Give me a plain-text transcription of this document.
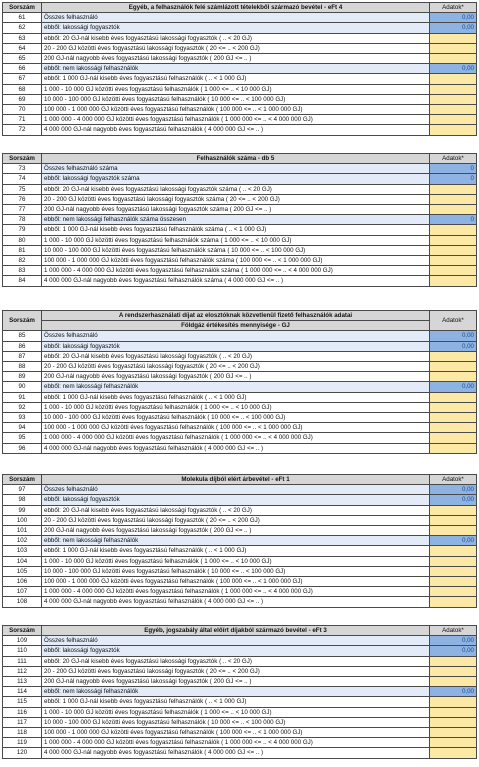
Sorszám	Egyéb, a felhasználók felé számlázott tételekből származó bevétel - eFt 4	Adatok*
61	Összes felhasználó	0,00
62	ebből: lakossági fogyasztók	0,00
63	ebből: 20 GJ-nál kisebb éves fogyasztású lakossági fogyasztók ( .. < 20 GJ)	
64	20 - 200 GJ közötti éves fogyasztású lakossági fogyasztók ( 20 <= .. < 200 GJ)	
65	200 GJ-nál nagyobb éves fogyasztású lakossági fogyasztók ( 200 GJ <= .. )	
66	ebből: nem lakossági felhasználók	0,00
67	ebből: 1 000 GJ-nál kisebb éves fogyasztású felhasználók ( .. < 1 000 GJ)	
68	1 000 - 10 000 GJ közötti éves fogyasztású felhasználók ( 1 000 <= .. < 10 000 GJ)	
69	10 000 - 100 000 GJ közötti éves fogyasztású felhasználók ( 10 000 <= .. < 100 000 GJ)	
70	100 000 - 1 000 000 GJ közötti éves fogyasztású felhasználók ( 100 000 <= .. < 1 000 000 GJ)	
71	1 000 000 - 4 000 000 GJ közötti éves fogyasztású felhasználók ( 1 000 000 <= .. < 4 000 000 GJ)	
72	4 000 000 GJ-nál nagyobb éves fogyasztású felhasználók ( 4 000 000 GJ <= .. )	
Sorszám	Felhasználók száma - db 5	Adatok*
73	Összes felhasználó száma	0
74	ebből: lakossági fogyasztók száma	0
75	ebből: 20 GJ-nál kisebb éves fogyasztású lakossági fogyasztók száma ( .. < 20 GJ)	
76	20 - 200 GJ közötti éves fogyasztású lakossági fogyasztók száma ( 20 <= .. < 200 GJ)	
77	200 GJ-nál nagyobb éves fogyasztású lakossági fogyasztók száma ( 200 GJ <= .. )	
78	ebből: nem lakossági felhasználók száma összesen	0
79	ebből: 1 000 GJ-nál kisebb éves fogyasztású felhasználók száma ( .. < 1 000 GJ)	
80	1 000 - 10 000 GJ közötti éves fogyasztású felhasználók száma ( 1 000 <= .. < 10 000 GJ)	
81	10 000 - 100 000 GJ közötti éves fogyasztású felhasználók száma ( 10 000 <= .. < 100 000 GJ)	
82	100 000 - 1 000 000 GJ közötti éves fogyasztású felhasználók száma ( 100 000 <= .. < 1 000 000 GJ)	
83	1 000 000 - 4 000 000 GJ közötti éves fogyasztású felhasználók száma ( 1 000 000 <= .. < 4 000 000 GJ)	
84	4 000 000 GJ-nál nagyobb éves fogyasztású felhasználók száma ( 4 000 000 GJ <= .. )	
Sorszám	A rendszerhasználati díjat az elosztóknak közvetlenül fizető felhasználók adatai	Adatok*
	Földgáz értékesítés mennyisége - GJ	
85	Összes felhasználó	0,00
86	ebből: lakossági fogyasztók	0,00
87	ebből: 20 GJ-nál kisebb éves fogyasztású lakossági fogyasztók ( .. < 20 GJ)	
88	20 - 200 GJ közötti éves fogyasztású lakossági fogyasztók ( 20 <= .. < 200 GJ)	
89	200 GJ-nál nagyobb éves fogyasztású lakossági fogyasztók ( 200 GJ <= .. )	
90	ebből: nem lakossági felhasználók	0,00
91	ebből: 1 000 GJ-nál kisebb éves fogyasztású felhasználók ( .. < 1 000 GJ)	
92	1 000 - 10 000 GJ közötti éves fogyasztású felhasználók ( 1 000 <= .. < 10 000 GJ)	
93	10 000 - 100 000 GJ közötti éves fogyasztású felhasználók ( 10 000 <= .. < 100 000 GJ)	
94	100 000 - 1 000 000 GJ közötti éves fogyasztású felhasználók ( 100 000 <= .. < 1 000 000 GJ)	
95	1 000 000 - 4 000 000 GJ közötti éves fogyasztású felhasználók ( 1 000 000 <= .. < 4 000 000 GJ)	
96	4 000 000 GJ-nál nagyobb éves fogyasztású felhasználók ( 4 000 000 GJ <= .. )	
Sorszám	Molekula díjból elért árbevétel - eFt 1	Adatok*
97	Összes felhasználó	0,00
98	ebből: lakossági fogyasztók	0,00
99	ebből: 20 GJ-nál kisebb éves fogyasztású lakossági fogyasztók ( .. < 20 GJ)	
100	20 - 200 GJ közötti éves fogyasztású lakossági fogyasztók ( 20 <= .. < 200 GJ)	
101	200 GJ-nál nagyobb éves fogyasztású lakossági fogyasztók ( 200 GJ <= .. )	
102	ebből: nem lakossági felhasználók	0,00
103	ebből: 1 000 GJ-nál kisebb éves fogyasztású felhasználók ( .. < 1 000 GJ)	
104	1 000 - 10 000 GJ közötti éves fogyasztású felhasználók ( 1 000 <= .. < 10 000 GJ)	
105	10 000 - 100 000 GJ közötti éves fogyasztású felhasználók ( 10 000 <= .. < 100 000 GJ)	
106	100 000 - 1 000 000 GJ közötti éves fogyasztású felhasználók ( 100 000 <= .. < 1 000 000 GJ)	
107	1 000 000 - 4 000 000 GJ közötti éves fogyasztású felhasználók ( 1 000 000 <= .. < 4 000 000 GJ)	
108	4 000 000 GJ-nál nagyobb éves fogyasztású felhasználók ( 4 000 000 GJ <= .. )	
Sorszám	Egyéb, jogszabály által előírt díjakból származó bevétel - eFt 3	Adatok*
109	Összes felhasználó	0,00
110	ebből: lakossági fogyasztók	0,00
111	ebből: 20 GJ-nál kisebb éves fogyasztású lakossági fogyasztók ( .. < 20 GJ)	
112	20 - 200 GJ közötti éves fogyasztású lakossági fogyasztók ( 20 <= .. < 200 GJ)	
113	200 GJ-nál nagyobb éves fogyasztású lakossági fogyasztók ( 200 GJ <= .. )	
114	ebből: nem lakossági felhasználók	0,00
115	ebből: 1 000 GJ-nál kisebb éves fogyasztású felhasználók ( .. < 1 000 GJ)	
116	1 000 - 10 000 GJ közötti éves fogyasztású felhasználók ( 1 000 <= .. < 10 000 GJ)	
117	10 000 - 100 000 GJ közötti éves fogyasztású felhasználók ( 10 000 <= .. < 100 000 GJ)	
118	100 000 - 1 000 000 GJ közötti éves fogyasztású felhasználók ( 100 000 <= .. < 1 000 000 GJ)	
119	1 000 000 - 4 000 000 GJ közötti éves fogyasztású felhasználók ( 1 000 000 <= .. < 4 000 000 GJ)	
120	4 000 000 GJ-nál nagyobb éves fogyasztású felhasználók ( 4 000 000 GJ <= .. )	
